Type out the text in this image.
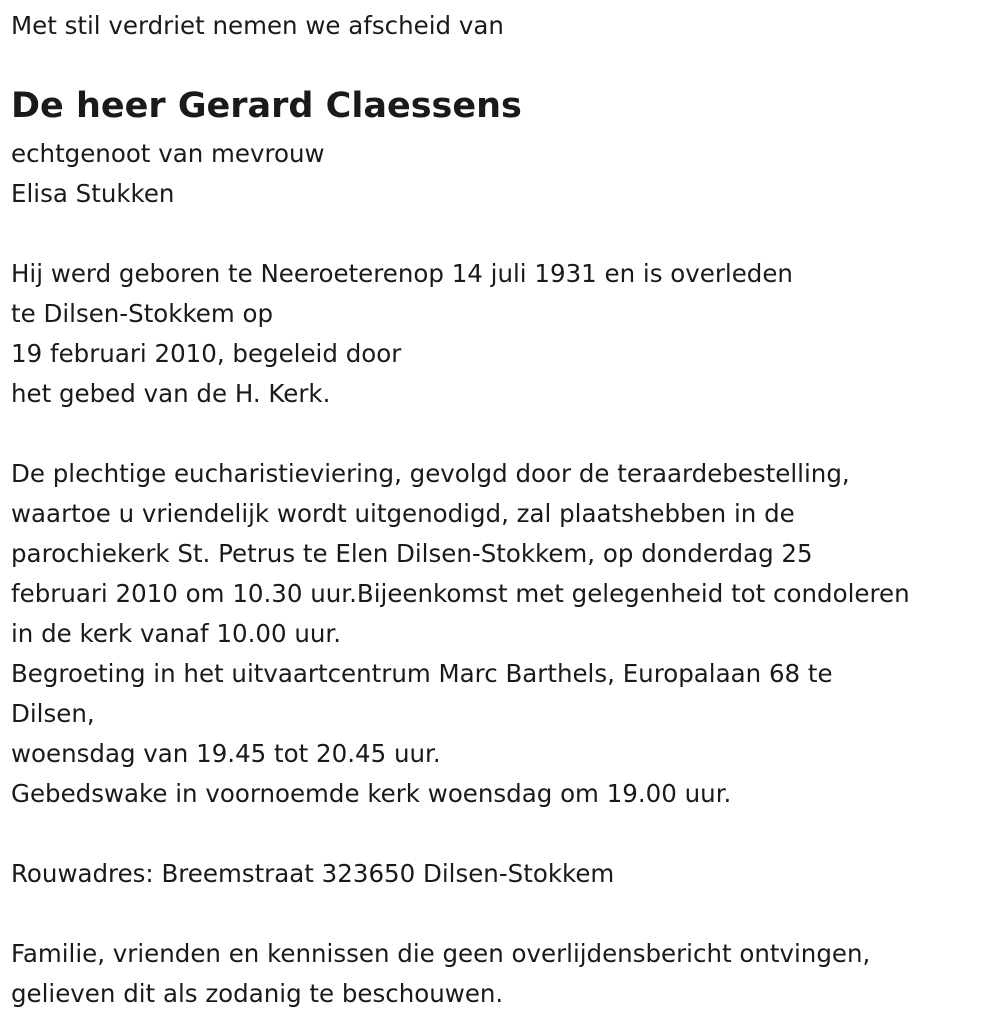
Met stil verdriet nemen we afscheid van
De heer Gerard Claessens
echtgenoot van mevrouw
Elisa Stukken
Hij werd geboren te Neeroeterenop 14 juli 1931 en is overleden
te Dilsen-Stokkem op
19 februari 2010, begeleid door
het gebed van de H. Kerk.
De plechtige eucharistieviering, gevolgd door de teraardebestelling,
waartoe u vriendelijk wordt uitgenodigd, zal plaatshebben in de
parochiekerk St. Petrus te Elen Dilsen-Stokkem, op donderdag 25
februari 2010 om 10.30 uur.Bijeenkomst met gelegenheid tot condoleren
in de kerk vanaf 10.00 uur.
Begroeting in het uitvaartcentrum Marc Barthels, Europalaan 68 te
Dilsen,
woensdag van 19.45 tot 20.45 uur.
Gebedswake in voornoemde kerk woensdag om 19.00 uur.
Rouwadres: Breemstraat 323650 Dilsen-Stokkem
Familie, vrienden en kennissen die geen overlijdensbericht ontvingen,
gelieven dit als zodanig te beschouwen.
